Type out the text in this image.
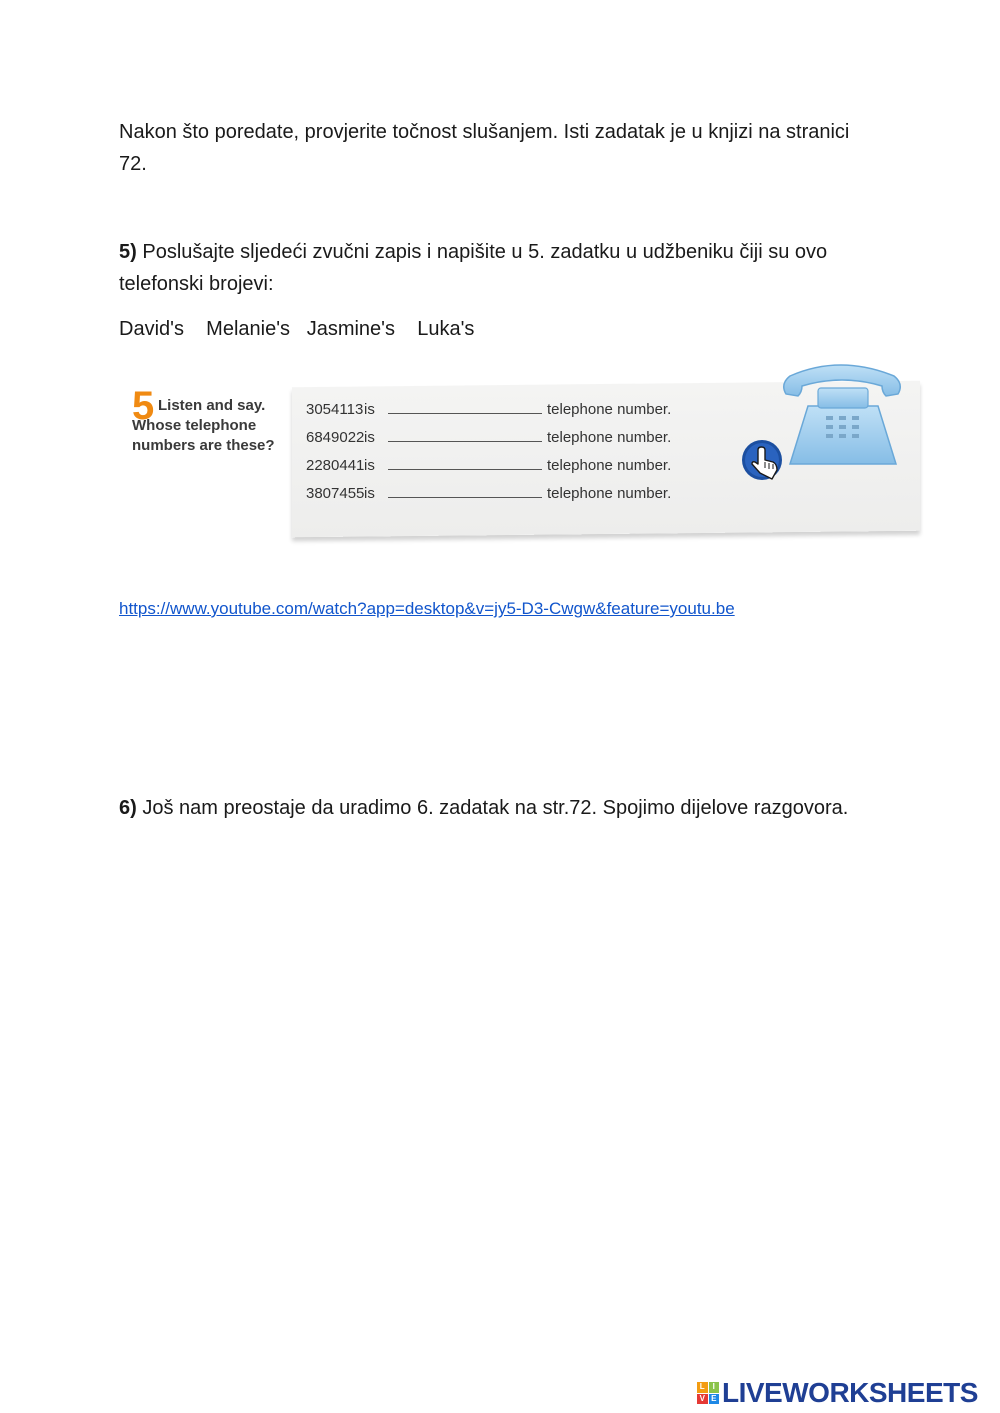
Nakon što poredate, provjerite točnost slušanjem. Isti zadatak je u knjizi na stranici 72.

5) Poslušajte sljedeći zvučni zapis i napišite u 5. zadatku u udžbeniku čiji su ovo telefonski brojevi:

David's    Melanie's   Jasmine's    Luka's
5 Listen and say.
Whose telephone
numbers are these?
3054113 is	telephone number.
6849022 is	telephone number.
2280441 is	telephone number.
3807455 is	telephone number.
https://www.youtube.com/watch?app=desktop&v=jy5-D3-Cwgw&feature=youtu.be

6) Još nam preostaje da uradimo 6. zadatak na str.72. Spojimo dijelove razgovora.

L I
V E LIVEWORKSHEETS
